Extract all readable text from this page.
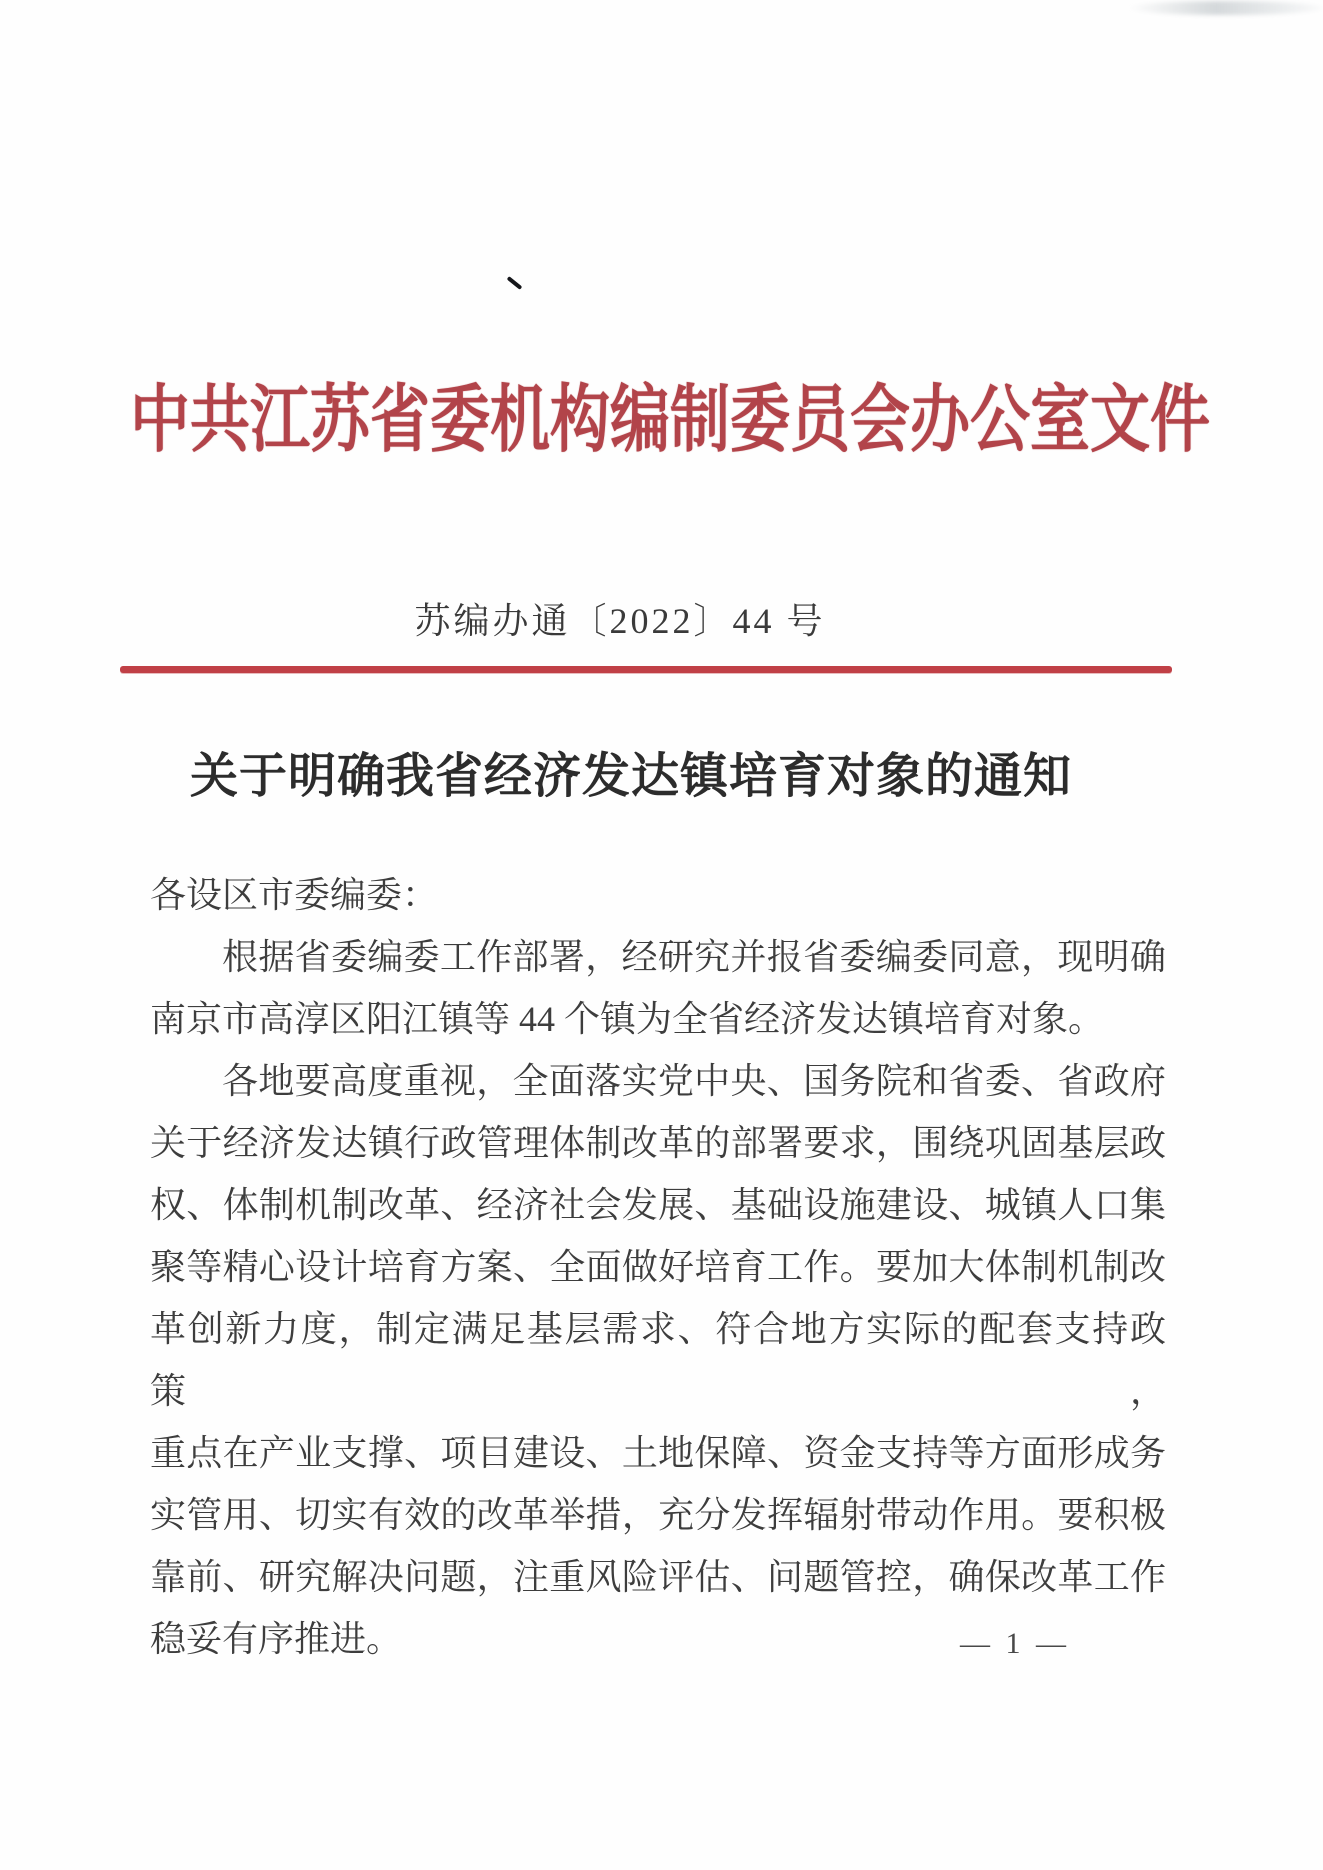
中共江苏省委机构编制委员会办公室文件
苏编办通〔2022〕44 号
关于明确我省经济发达镇培育对象的通知
各设区市委编委：
根据省委编委工作部署，经研究并报省委编委同意，现明确
南京市高淳区阳江镇等 44 个镇为全省经济发达镇培育对象。
各地要高度重视，全面落实党中央、国务院和省委、省政府
关于经济发达镇行政管理体制改革的部署要求，围绕巩固基层政
权、体制机制改革、经济社会发展、基础设施建设、城镇人口集
聚等精心设计培育方案、全面做好培育工作。要加大体制机制改
革创新力度，制定满足基层需求、符合地方实际的配套支持政策，
重点在产业支撑、项目建设、土地保障、资金支持等方面形成务
实管用、切实有效的改革举措，充分发挥辐射带动作用。要积极
靠前、研究解决问题，注重风险评估、问题管控，确保改革工作
稳妥有序推进。	— 1 —
